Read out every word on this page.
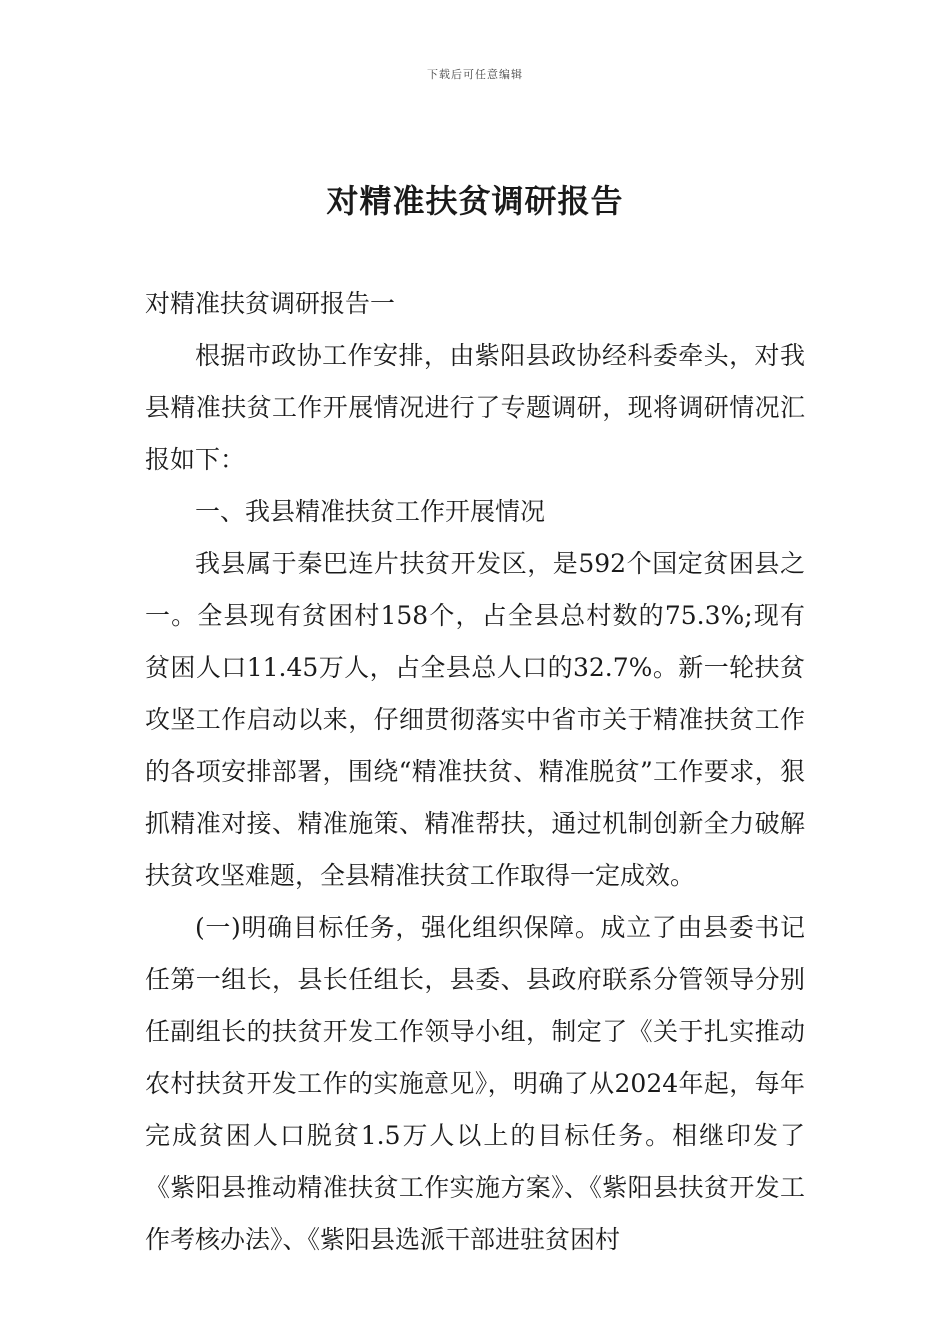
下载后可任意编辑
对精准扶贫调研报告

对精准扶贫调研报告一

根据市政协工作安排，由紫阳县政协经科委牵头，对我县精准扶贫工作开展情况进行了专题调研，现将调研情况汇报如下：

一、我县精准扶贫工作开展情况

我县属于秦巴连片扶贫开发区，是592个国定贫困县之一。全县现有贫困村158个，占全县总村数的75.3%;现有贫困人口11.45万人，占全县总人口的32.7%。新一轮扶贫攻坚工作启动以来，仔细贯彻落实中省市关于精准扶贫工作的各项安排部署，围绕“精准扶贫、精准脱贫”工作要求，狠抓精准对接、精准施策、精准帮扶，通过机制创新全力破解扶贫攻坚难题，全县精准扶贫工作取得一定成效。

(一)明确目标任务，强化组织保障。成立了由县委书记任第一组长，县长任组长，县委、县政府联系分管领导分别任副组长的扶贫开发工作领导小组，制定了《关于扎实推动农村扶贫开发工作的实施意见》，明确了从2024年起，每年完成贫困人口脱贫1.5万人以上的目标任务。相继印发了《紫阳县推动精准扶贫工作实施方案》、《紫阳县扶贫开发工作考核办法》、《紫阳县选派干部进驻贫困村
